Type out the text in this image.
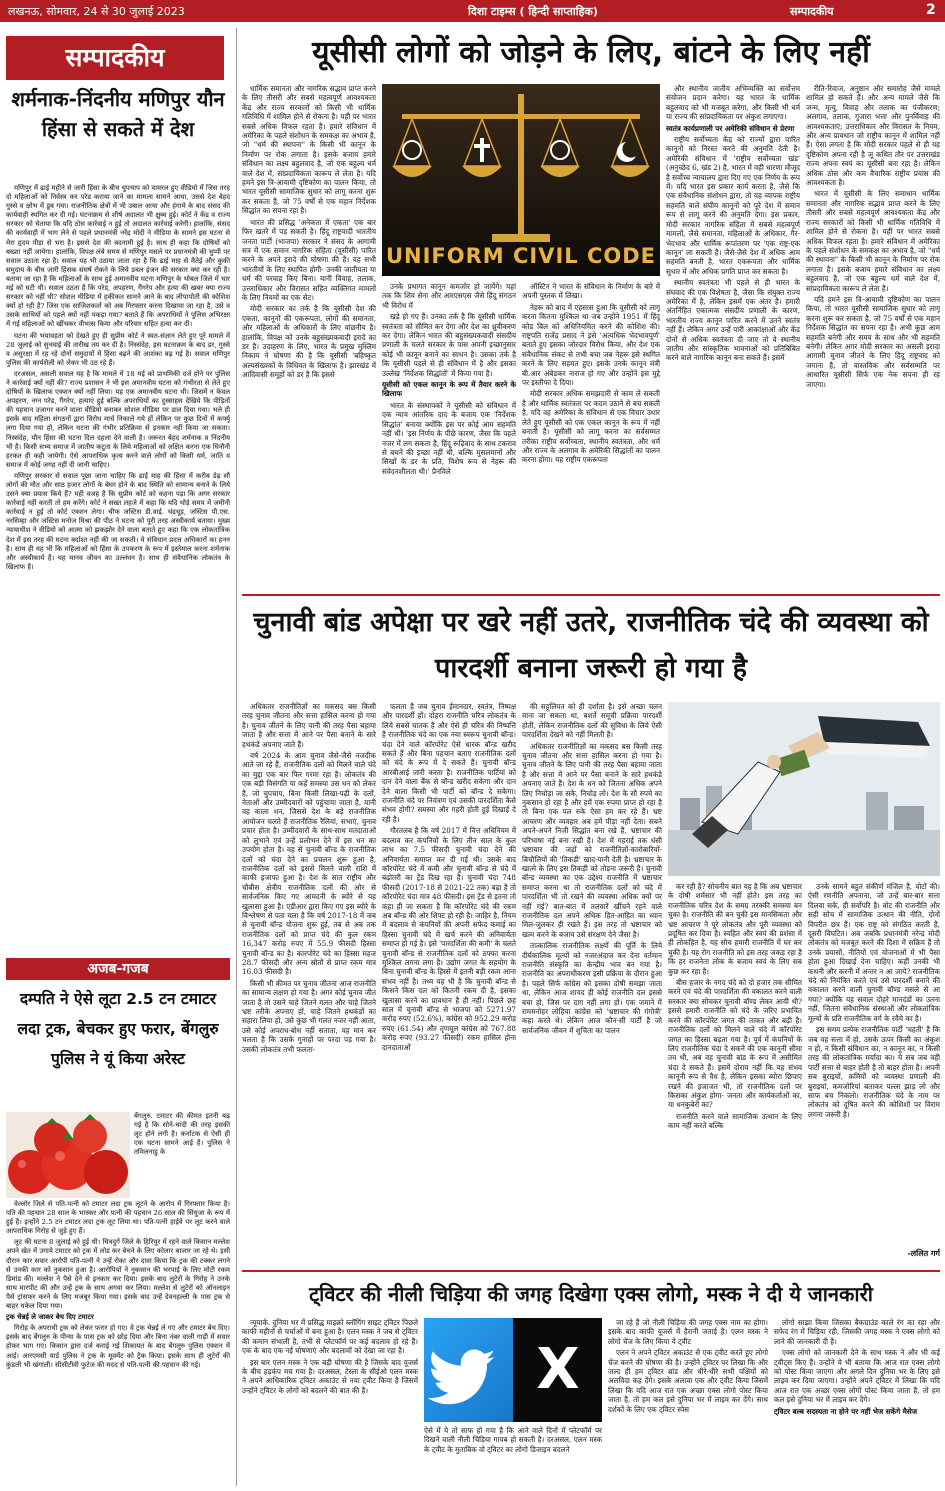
लखनऊ, सोमवार, 24 से 30 जुलाई 2023	दिशा टाइम्स ( हिन्दी साप्ताहिक)	सम्पादकीय	2
सम्पादकीय
शर्मनाक-निंदनीय मणिपुर यौन हिंसा से सकते में देश

मणिपुर में ढाई महीने से जारी हिंसा के बीच चुपचाप को वायरल हुए वीडियो में जिस तरह दो महिलाओं को निर्वस्त्र कर परेड कराया जाने का मामला सामने आया, उससे देश बेहद गुस्से व क्षोभ में डूब गया। राजनीतिक क्षेत्रों में भी उबाल आया और हंगामे के बाद संसद की कार्यवाही स्थगित कर दी गई। घटनाक्रम से शीर्ष अदालत भी क्षुब्ध हुई। कोर्ट ने केंद्र व राज्य सरकार को चेताया कि यदि ठोस कार्रवाई न हुई तो अदालत कार्रवाई करेगी। हालांकि, संसद की कार्यवाही में भाग लेने से पहले प्रधानमंत्री नरेंद्र मोदी ने मीडिया के सामने इस घटना से मेरा हृदय पीड़ा से भरा है। इससे देश की बदनामी हुई है। साथ ही कहा कि दोषियों को बख्शा नहीं जायेगा। हालांकि, विपक्ष लंबे समय से मणिपुर मसले पर प्रधानमंत्री की चुप्पी पर सवाल उठाता रहा है। सवाल यह भी उठाया जाता रहा है कि ढाई माह से मैतेई और कुकी समुदाय के बीच जारी हिंसक संघर्ष रोकने के लिये डबल इंजन की सरकार क्या कर रही है। बताया जा रहा है कि महिलाओं के साथ हुई अमानवीय घटना मणिपुर के थोबल जिले में चार मई को घटी थी। सवाल उठता है कि परेड, अपहरण, गैंगरेप और हत्या की खबर क्या राज्य सरकार को नहीं थी? सोशल मीडिया में हकीकत सामने आने के बाद लीपापोती की कोशिश क्यों हो रही है? जिस एक साजिशकर्ता को अब गिरफ्तार करना दिखाया जा रहा है, उसे व उसके साथियों को पहले क्यों नहीं पकड़ा गया? बताते हैं कि अपराधियों ने पुलिस अभिरक्षा में गई महिलाओं को खींचकर वीभत्स किया और परिवार सहित हत्या कर दी।

घटना की भयावहता को देखते हुए ही सुप्रीम कोर्ट ने स्वत-संज्ञान लेते हुए पूरे मामले में 28 जुलाई को सुनवाई की तारीख तय कर दी है। निस्संदेह, इस घटनाक्रम के बाद डर, गुस्से व असुरक्षा में रह रहे दोनों समुदायों में हिंसा बढ़ने की आशंका बढ़ गई है। सवाल मणिपुर पुलिस की कार्यशैली को लेकर भी उठ रहे हैं।

दरअसल, असली सवाल यह है कि मामले में 18 मई को प्राथमिकी दर्ज होने पर पुलिस ने कार्रवाई क्यों नहीं की? राज्य प्रशासन ने भी इस अमानवीय घटना को गंभीरता से लेते हुए दोषियों के खिलाफ एक्शन क्यों नहीं लिया। यह एक अमानवीय घटना थी। जिसमें न केवल अपहरण, नग्न परेड, गैंगरेप, हत्याएं हुई बल्कि अपराधियों का दुस्साहस देखिये कि पीड़ितों की पहचान उजागर करने वाला वीडियो बनाकर सोशल मीडिया पर डाल दिया गया। भले ही इसके बाद महिला संगठनों द्वारा विरोध मार्च निकाले गये हों लेकिन पर कुछ दिनों में कर्फ्यू लगा दिया गया हो, लेकिन घटना की गंभीर प्रतिक्रिया से इनकार नहीं किया जा सकता। निस्संदेह, यौन हिंसा की घटना दिल दहला देने वाली है। जरूरत बेहद शर्मनाक व निंदनीय भी है। किसी सभ्य समाज में जातीय कटुता के लिये महिलाओं को लक्षित करना एक घिनौनी हरकत ही कही जायेगी। ऐसे आपराधिक कृत्य करने वाले लोगों को किसी धर्म, जाति व समाज में कोई जगह नहीं दी जानी चाहिए।

मणिपुर सरकार से सवाल पूछा जाना चाहिए कि ढाई माह की हिंसा में करीब डेढ़ सौ लोगों की मौत और साठ हजार लोगों के बेघर होने के बाद स्थिति को सामान्य बनाने के लिये उसने क्या प्रयास किये हैं? यही वजह है कि सुप्रीम कोर्ट को कहना पड़ा कि अगर सरकार कार्रवाई नहीं करती तो हम करेंगे। कोर्ट ने सख्त लहजे में कहा कि यदि थोड़े समय में जमीनी कार्रवाई न हुई तो कोर्ट एक्शन लेगा। चीफ जस्टिस डी.वाई. चंद्रचूड़, जस्टिस पी.एस. नरसिम्हा और जस्टिस मनोज मिश्रा की पीठ ने घटना को पूरी तरह अस्वीकार्य बताया। मुख्य न्यायाधीश ने वीडियो को आत्मा को झकझोर देने वाला बताते हुए कहा कि एक लोकतांत्रिक देश में इस तरह की घटना बर्दाश्त नहीं की जा सकती। ये संविधान प्रदत्त अधिकारों का हनन है। साथ ही यह भी कि महिलाओं को हिंसा के उपकरण के रूप में इस्तेमाल करना शर्मनाक और अस्वीकार्य है। यह मानव जीवन का उल्लंघन है। साथ ही संवैधानिक लोकतंत्र के खिलाफ है।

अजब-गजब
दम्पति ने ऐसे लूटा 2.5 टन टमाटर लदा ट्रक, बेचकर हुए फरार, बेंगलुरु पुलिस ने यूं किया अरेस्ट
बेंगलुरु. टमाटर की कीमत इतनी बढ़ गई है कि सोने-चांदी की तरह इसकी लूट होने लगी है। कर्नाटक से ऐसी ही एक घटना सामने आई है। पुलिस ने तमिलनाडु के

वेल्लोर जिले से पति-पत्नी को टमाटर लदा ट्रक लूटने के आरोप में गिरफ्तार किया है। पति की पहचान 28 साल के भास्कर और पत्नी की पहचान 26 साल की सिंधुजा के रूप में हुई है। इन्होंने 2.5 टन टमाटर लदा ट्रक लूट लिया था। पति-पत्नी हाईवे पर लूट करने वाले आपराधिक गिरोह से जुड़े हुए हैं।

लूट की घटना 8 जुलाई को हुई थी। चित्रदुर्ग जिले के हिरियुर में रहने वाले किसान मल्लेश अपने खेत में उगाये टमाटर को ट्रक में लोड कर बेचने के लिए कोलार बाजार जा रहे थे। इसी दौरान कार सवार आरोपी पति-पत्नी ने उन्हें रोका और दावा किया कि ट्रक की टक्कर लगने से उनकी कार को नुकसान हुआ है। आरोपियों ने नुकसान की भरपाई के लिए मोटी रकम डिमांड की। मल्लेश ने पैसे देने से इनकार कर दिया। इसके बाद लुटेरों के गिरोह ने उनके साथ मारपीट की और उन्हें ट्रक के साथ अगवा कर लिया। मल्लेश से लुटेरों को ऑनलाइन पैसे ट्रांसफर करने के लिए मजबूर किया गया। इसके बाद उन्हें देवनहल्ली के पास ट्रक से बाहर धकेल दिया गया।

ट्रक चेन्नई ले जाकर बेच दिए टमाटर

गिरोह के अपराधी ट्रक को लेकर फरार हो गए। वे ट्रक चेन्नई ले गए और टमाटर बेच दिए। इसके बाद बेंगलुरु के पीन्या के पास ट्रक को छोड़ दिया और बिना नंबर वाली गाड़ी में सवार होकर भाग गए। किसान द्वारा दर्ज कराई गई शिकायत के बाद बेंगलुरु पुलिस एक्शन में आई। आरएमसी यार्ड पुलिस ने ट्रक के मूवमेंट को ट्रैक किया। इसके साथ ही लुटेरों की कुंडली भी खंगाली। सीसीटीवी फुटेज की मदद से पति-पत्नी की पहचान की गई।

यूसीसी लोगों को जोड़ने के लिए, बांटने के लिए नहीं

धार्मिक समानता और नागरिक सद्भाव प्राप्त करने के लिए तीसरी और सबसे महत्वपूर्ण आवश्यकता केंद्र और राज्य सरकारों को किसी भी धार्मिक गतिविधि में शामिल होने से रोकना है। यही पर भारत सबसे अधिक विफल रहता है। हमारे संविधान में अमेरिका के पहले संशोधन के समकक्ष का अभाव है, जो "धर्म की स्थापना" के किसी भी कानून के निर्माण पर रोक लगाता है। इसके बजाय हमारे संविधान का लक्ष्य बहुलवाद है, जो एक बहुल्य धर्म वाले देश में, सांप्रदायिकता कारूप ले लेता है। यदि हमने इस त्रि-आयामी दृष्टिकोण का पालन किया, तो भारत यूसीसी सामाजिक सुधार को लागू करना शुरू कर सकता है, जो 75 वर्षों से एक महान निर्देशक सिद्धांत का सपना रहा है।

भारत की प्रसिद्ध 'अनेकता में एकता' एक बार फिर खतरे में पड़ सकती है। हिंदू राष्ट्रवादी भारतीय जनता पार्टी (भाजपा) सरकार ने संसद के आगामी सत्र में एक समान नागरिक संहिता (यूसीसी) पारित करने के अपने इरादे की घोषणा की है। यह सभी भारतीयों के लिए स्थापित होगी- उनकी जातीयता या धर्म की परवाह किए बिना। यानी विवाह, तलाक, उत्तराधिकार और विरासत सहित व्यक्तिगत मामलों के लिए नियमों का एक सेट।

मोदी सरकार का तर्क है कि यूसीसी देश की एकता, कानूनों की एकरूपता, लोगों की समानता, और महिलाओं के अधिकारों के लिए वांछनीय है। हालांकि, विपक्ष को उनके बहुसंख्यकवादी इरादे का डर है। उदाहरण के लिए, भारत के प्रमुख मुस्लिम निकाय ने घोषणा की है कि यूसीसी 'बहिष्कृत अल्पसंख्यकों के विधिवत के खिलाफ है। झारखंड में आदिवासी समूहों को डर है कि इससे

UNIFORM CIVIL CODE

उनके प्रथागत कानून कमजोर हो जायेंगे। यहां तक कि शिव सेना और आरएसएस जैसे हिंदू संगठन भी विरोध में

खड़े हो गए हैं। उनका तर्क है कि यूसीसी धार्मिक स्वतंत्रता को सीमित कर देगा और देश का ध्रुवीकरण कर देगा। लेकिन भारत की बहुसंख्यकवादी संसदीय प्रणाली के चलते सरकार के पास अपनी इच्छानुसार कोई भी कानून बनाने का साधन है। उसका तर्क है कि यूसीसी पहले से ही संविधान में है और इसका उल्लेख 'निर्देशक सिद्धांतों' में किया गया है।

यूसीसी को एकल कानून के रूप में तैयार करने के खिलाफ

भारत के संस्थापकों ने यूसीसी को संविधान में एक न्याय आंतरिक दाद के बजाय एक 'निर्देशक सिद्धांत' बनाया क्योंकि इस पर कोई आम सहमति नहीं थी। 'इस निर्णय के पीछे कारण, जैसा कि पहले नजर में लग सकता है, हिंदू रूढ़िवाद के साथ टकराव से बचने की इच्छा नहीं थी, बल्कि मुसलमानों और सिखों के डर के प्रति, विशेष रूप से नेहरू की संवेदनशीलता थी।' प्रैनविले

ऑस्टिन ने भारत के संविधान के निर्माण के बारे में अपनी पुस्तक में लिखा।

नेहरू को बाद में एहसास हुआ कि यूसीसी को लागू करना कितना मुश्किल था जब उन्होंने 1951 में हिंदू कोड बिल को अधिनियमित करने की कोशिश की। राष्ट्रपति राजेंद्र प्रसाद ने इसे 'अत्यधिक भेदभावपूर्ण' बताते हुए इसका जोरदार विरोध किया, और देश एक संवैधानिक संकट से तभी बचा जब नेहरू इसे स्थगित करने के लिए सहमत हुए। इसके उनके कानून मंत्री बी.आर अंबेडकर नाराज हो गए और उन्होंने इस मुद्दे पर इस्तीफा दे दिया।

मोदी सरकार अधिक समझदारी से काम ले सकती है और धार्मिक स्वतंत्रता पर कदम उठाने से बच सकती है, यदि वह अमेरिका के संविधान से एक विचार उधार लेते हुए यूसीसी को एक एकल कानून के रूप में नहीं बनाती है। यूसीसी को लागू करना का सर्वसम्मत तरीका राष्ट्रीय सर्वोच्चता, स्थानीय स्वतंत्रता, और धर्म और राज्य के अलगाव के अमेरिकी सिद्धांतों का पालन करना होगा। यह राष्ट्रीय एकरूपता

और स्थानीय जातीय अभिव्यक्ति का सर्वोत्तम संयोजन प्रदान करेगा। यह भारत के धार्मिक बहुलवाद को भी मजबूत करेगा, और किसी भी धर्म या राज्य की सांप्रदायिकता पर अंकुश लगाएगा।

स्वतंत्र कार्यप्रणाली पर अमेरिकी संविधान से प्रेरणा

राष्ट्रीय सर्वोच्चता केंद्र को राज्यों द्वारा पारित कानूनों को निरस्त करने की अनुमति देती है। अमेरिकी संविधान में 'राष्ट्रीय सर्वोच्चता खंड' (अनुच्छेद 6, खंड 2) है, भारत में वही धारणा मौजूद है सर्वोच्च न्यायालय द्वारा दिए गए एक निर्णय के रूप में। यदि भारत इस प्रकार कार्य करता है, जैसे कि एक संवैधानिक संशोधन द्वारा, तो यह व्यापक राष्ट्रीय सहमति वाले संघीय कानूनों को पूरे देश में समान रूप से लागू करने की अनुमति देगा। इस प्रकार, मोदी सरकार नागरिक संहिता में सबसे महत्वपूर्ण मामलों, जैसे समानता, महिलाओं के अधिकार, गैर-भेदभाव और धार्मिक रूपांतरण पर 'एक राष्ट्र-एक कानून' ला सकती है। जैसे-जैसे देश में अधिक आम सहमति बनती है, भारत एकरूपता और धार्मिक सुधार में और अधिक प्रगति प्राप्त कर सकता है।

स्थानीय स्वतंत्रता भी पहले से ही भारत के संघवाद की एक विशेषता है, जैसा कि संयुक्त राज्य अमेरिका में है, लेकिन इसमें एक अंतर है। हमारी अंतर्निहित एकात्मक संसदीय प्रणाली के कारण, भारतीय राज्य कानून पारित करने में उतने स्वतंत्र नहीं हैं। लेकिन अगर उन्हें पारी आकांक्षाओं और केंद्र दोनों से अधिक स्वतंत्रता दी जाए तो वे स्थानीय जातीय और सांस्कृतिक भावनाओं को प्रतिबिंबित करने वाले नागरिक कानून बना सकते हैं। इसमें

रीति-रिवाज, अनुष्ठान और समारोह जैसे मामले शामिल हो सकते हैं। और अन्य मामले जैसे कि जन्म, मृत्यु, विवाह और तलाक का पंजीकरण; अलगाव, तलाक, गुजारा भत्ता और पुनर्विवाह की आवश्यकताएं; उत्तराधिकार और विरासत के नियम, और अन्य प्रावधान जो राष्ट्रीय कानून में शामिल नहीं हैं। ऐसा लगता है कि मोदी सरकार पहले से ही यह दृष्टिकोण अपना रही है जू कथित तौर पर उत्तराखंड राज्य अपना स्वयं का यूसीसी बना रहा है। लेकिन अधिक ठोस और कम वैचारिक राष्ट्रीय प्रयास की आवश्यकता है।

भारत में यूसीसी के लिए समाधान धार्मिक समानता और नागरिक सद्भाव प्राप्त करने के लिए तीसरी और सबसे महत्वपूर्ण आवश्यकता केंद्र और राज्य सरकारों को किसी भी धार्मिक गतिविधि में शामिल होने से रोकना है। यहीं पर भारत सबसे अधिक विफल रहता है। हमारे संविधान में अमेरिका के पहले संशोधन के समकक्ष का अभाव है, जो "धर्म की स्थापना" के किसी भी कानून के निर्माण पर रोक लगाता है। इसके बजाय हमारे संविधान का लक्ष्य बहुलवाद है, जो एक बहुल्य धर्म वाले देश में, सांप्रदायिकता कारूप ले लेता है।

यदि हमने इस त्रि-आयामी दृष्टिकोण का पालन किया, तो भारत यूसीसी सामाजिक सुधार को लागू करना शुरू कर सकता है, जो 75 वर्षों से एक महान निर्देशक सिद्धांत का सपना रहा है। अभी कुछ आम सहमति बनेगी और समय के साथ और भी सहमति बनेगी। लेकिन अगर मोदी सरकार का असली इरादा आगामी चुनाव जीतने के लिए हिंदू राष्ट्रवाद को जगाना है, तो वास्तविक और सर्वसम्मति पर आधारित यूसीसी सिर्फ एक नेक सपना ही रह जाएगा।

चुनावी बांड अपेक्षा पर खरे नहीं उतरे, राजनीतिक चंदे की व्यवस्था को पारदर्शी बनाना जरूरी हो गया है

अधिकतर राजनीतिज्ञों का मकसद बस किसी तरह चुनाव जीतना और सत्ता हासिल करना हो गया है। चुनाव जीतने के लिए पानी की तरह पैसा बहाया जाता है और सत्ता में आने पर पैसा बनाने के सारे हथकंडे अपनाए जाते हैं।

वर्ष 2024 के आम चुनाव जैसे-जैसे नजदीक आते जा रहे हैं, राजनीतिक दलों को मिलने वाले चंदे का मुद्दा एक बार फिर गरमा रहा है। लोकतंत्र की एक बड़ी विसंगति या कहें समस्या उस धन को लेकर है, जो चुपचाप, बिना किसी लिखा-पढ़ी के दलों, नेताओं और उम्मीदवारों को पहुंचाया जाता है, यानी वह काला धन, जिससे देश के बड़े राजनीतिक आयोजन चलते हैं राजनीतिक रैलियां, सभाएं, चुनाव प्रचार होता है। उम्मीदवारों के साथ-साथ मतदाताओं को लुभाने एवं उन्हें प्रलोभन देने में इस धन का उपयोग होता है। वह से चुनावी बॉन्ड के राजनीतिक दलों को चंदा देने का प्रचलन शुरू हुआ है, राजनीतिक दलों को इससे मिलने वाली राशि में काफी इजाफा हुआ है। देश के सात राष्ट्रीय और चौबीस क्षेत्रीय राजनीतिक दलों की ओर से सार्वजनिक किए गए आमदनी के ब्योरे से यह खुलासा हुआ है। एडीआर द्वारा किए गए इस ब्योरे के विश्लेषण से पता चला है कि वर्ष 2017-18 में जब से चुनावी बॉन्ड योजना शुरू हुई, तब से अब तक राजनीतिक दलों को प्राप्त चंदे की कुल रकम 16,347 करोड़ रुपए में 55.9 फीसदी हिस्सा चुनावी बॉन्ड का है। कारपोरेट चंदे का हिस्सा महज 28.7 फीसदी और अन्य स्रोतों से प्राप्त रकम मात्र 16.03 फीसदी है।

किसी भी कीमत पर चुनाव जीतना आज राजनीति का सामान्य लक्षण हो गया है। अगर कोई चुनाव जीत जाता है तो उसने चाहे जितने गलत और चाहे जितने भ्रष्ट तरीके अपनाए हों, चाहे जितने हथकंडों का सहारा लिया हो, उसे कुछ भी गलत नजर नहीं आता, उसे कोई अपराध-बोध नहीं सताता, वह मान कर चलता है कि उसके गुनाहों पर परदा पड़ गया है। उसकी लोकतंत्र तभी फलता-

फलता है जब चुनाव ईमानदार, स्वतंत्र, निष्पक्ष और पारदर्शी हों। दोहरा राजनीति चरित्र लोकतंत्र के लिये सबसे घातक है और ऐसे ही चरित्र की निष्पत्ति है राजनीतिक चंदे का एक नया स्वरूप चुनावी बॉन्ड। चंदा देने वाले कॉरपोरेट ऐसे धारक बॉन्ड खरीद सकते हैं और बिना पहचान बताए राजनीतिक दलों को चंदे के रूप में दे सकते हैं। चुनावी बॉन्ड आरबीआई जारी करता है। राजनीतिक पार्टियां को दान देने वाला बैंक से बॉन्ड खरीद सकेगा और दान देने वाला किसी भी पार्टी को बॉन्ड दे सकेगा। राजनीति चंदे पर नियंत्रण एवं उसकी पारदर्शिता कैसे संभव होगी? समस्या और गहरी होती हुई दिखाई दे रही है।

गौरतलब है कि वर्ष 2017 में वित्त अधिनियम में बदलाव कर कंपनियों के लिए तीन साल के कुल लाभ का 7.5 फीसदी चुनावी चंदा देने की अनिवार्यता समाप्त कर दी गई थी। उसके बाद कॉरपोरेट चंदे में कमी और चुनावी बॉन्ड से चंदे में बढ़ोतरी का ट्रेंड दिख रहा है। चुनावी चंदा 748 फीसदी (2017-18 से 2021-22 तक) बढ़ा है तो कॉरपोरेट चंदा मात्र 48 फीसदी। इस ट्रेंड से इतना तो कहा ही जा सकता है कि कॉरपोरेट चंदे की रकम अब बॉन्ड की ओर शिफ्ट हो रही है। जाहिर है, नियम में बदलाव से कंपनियों की अपनी सफेद कमाई का हिस्सा चुनावी चंदे में खर्च करने की अनिवार्यता समाप्त हो गई है। इसे 'पारदर्शिता की कमी' के चलते चुनावी बॉन्ड से राजनीतिक दलों को ठफ्फा करना मुश्किल लगना लगा है। उद्योग जगत के सहयोग के बिना चुनावी बॉन्ड के हिस्से में इतनी बड़ी रकम आना संभव नहीं है। तथ्य यह भी है कि चुनावी बॉन्ड से किसने किस दल को कितनी रकम दी है, इसका खुलासा करने का प्रावधान है ही नहीं। पिछले छह साल में चुनावी बॉन्ड से भाजपा को 5271.97 करोड़ रुपए (52.6%), कांग्रेस को 952.29 करोड़ रुपए (61.54) और तृणमूल कांग्रेस को 767.88 करोड़ रुपए (93.27 फीसदी) रकम हासिल होना दानदाताओं

की सहूलियत को ही दर्शाता है। इसे अच्छा चलन माना जा सकता था, बशर्ते समूची प्रक्रिया पारदर्शी होती, लेकिन राजनीतिक दलों की सुविधा के लिये ऐसी पारदर्शिता देखने को नहीं मिलती है।

अधिकतर राजनीतिज्ञों का मकसद बस किसी तरह चुनाव जीतना और सत्ता हासिल करना हो गया है। चुनाव जीतने के लिए पानी की तरह पैसा बहाया जाता है और सत्ता में आने पर पैसा बनाने के सारे हथकंडे अपनाए जाते हैं। देश के धन को जितना अधिक अपने लिए निचोड़ा जा सके, निचोड़ लो। देश के सौ रुपये का नुकसान हो रहा है और हमें एक रुपया प्राप्त हो रहा है तो बिना एक पल रुके ऐसा हम कर रहे हैं। भ्रष्ट आचरण और व्यवहार अब हमें पीड़ा नहीं देता। सबने अपने-अपने निजी सिद्धांत बना रखे हैं, भ्रष्टाचार की परिभाषा नई बना रखी है। देश में गहराई तक धंसी भ्रष्टाचार की जड़ों को राजनीतिज्ञों-कारोबारियों-बिचौलियों की 'तिकड़ी' खाद-पानी देती है। भ्रष्टाचार के खात्मे के लिए इस तिकड़ी को तोड़ना जरूरी है। चुनावी बॉन्ड व्यवस्था का एक उद्देश्य राजनीति में भ्रष्टाचार समाप्त करना था तो राजनीतिक दलों को चंदे में पारदर्शिता भी तो रखने की व्यवस्था अधिक क्यों पर नहीं गई? बात-बात में तलवारें खींचने रहने वाले राजनीतिक दल अपने अधिक हित-आहित का ध्यान मिल-जुलकर ही रखते हैं। इस तरह तो भ्रष्टाचार को खत्म करने के बजाय उसे संरक्षण देने जैसा है।

तात्कालिक राजनीतिक लक्ष्यों की पूर्ति के लिये दीर्घकालिक मूल्यों को नजरअंदाज कर देना वर्तमान राजनीति संस्कृति का केन्द्रीय भाव बन गया है। राजनीति का अपराधीकरण इसी प्रक्रिया के दौरान हुआ है। पहले सिर्फ कांग्रेस को इसका दोषी समझा जाता था, लेकिन आज शायद ही कोई राजनीति दल इससे बचा हो, जिस पर दाग नहीं लगा हो। एक जमाने में राममनोहर लोहिया कांग्रेस को 'भ्रष्टाचार की गंगोत्री' कहा करते थे। लेकिन आज कौन-सी पार्टी है जो सार्वजनिक जीवन में शुचिता का पालन

कर रही है? सोचनीय बात यह है कि अब भ्रष्टाचार के दोषी शर्मसार भी नहीं होते। इस तरह का राजनीतिक चरित्र देश के समग्र तरक्की समस्या बन चुका है। राजनीति की बन चुकी इस मानसिकता और भ्रष्ट आचरण ने पूरे लोकतंत्र और पूरी व्यवस्था को प्रदूषित कर दिया है। स्वहित और स्वयं की प्रशंसा में ही लोकहित है, यह सोच हमारी राजनीति में घर कर चुकी है। यह रोग राजनीति को इस तरह जकड़ रहा है कि हर राजनेता लोक के बजाय स्वयं के लिए सब कुछ कर रहा है।

बीस हजार के नगद चंदे को दो हजार तक सीमित करने एवं चंदे की पारदर्शिता की वकालत करने वाली सरकार क्या सोचकर चुनावी बॉण्ड लेकर आयी थी? इससे हमारी राजनीति को चंदे के जरिए प्रभावित करने की कॉरपोरेट जगत की ताकत और बढ़ी है। राजनीतिक दलों को मिलने वाले चंदे में कॉरपोरेट जगत का हिस्सा बढ़ता गया है। पूर्व में कंपनियों के लिए राजनीतिक चंदा दे सकने की एक कानूनी सीमा तय थी, अब वह चुनावी बांड के रूप में असीमित चंदा दे सकते हैं। इसमें दोराय नहीं कि यह संभव कानूनी रूप से वैध है, लेकिन इसका ब्योरा छिपाए रखने की इजाजत भी, तो राजनीतिक दलों पर किसका अंकुश होगा- जनता और कार्यकर्ताओं का, या धनकुबेरों का?

राजनीति करने वाले सामाजिक उत्थान के लिए काम नहीं करते बल्कि

उनके सामने बहुत संकीर्ण मंजिल है, वोटों की। ऐसी रणनीति अपनाना, जो उन्हें बार-बार सत्ता दिलवा सके, ही सर्वोपरि है। वोट की राजनीति और सही सोच में सामाजिक उत्थान की नीति, दोनों विपरीत छत्र हैं। एक राष्ट्र को संगठित करती है, दूसरी विघटित। अब जबकि प्रधानमंत्री नरेन्द्र मोदी लोकतंत्र को मजबूत करने की दिशा में सक्रिय हैं तो उनके प्रयासों, नीतियों एवं योजनाओं में भी पैसा होता हुआ दिखाई देना चाहिए। कहीं उनकी भी कथनी और करनी में अन्तर न आ जाये? राजनीतिक चंदे को नियंत्रित करते एवं उसे पारदर्शी बनाने की वकालत करने वाली चुनावी बॉण्ड मसले से आ गया? क्योंकि यह सवाल दोहरे मानदंडों का उतना नहीं, जितना संवैधानिक संस्थाओं और लोकतांत्रिक मूल्यों के प्रति राजनीतिक वर्ग के रवैये का है।

इस समय प्रत्येक राजनीतिक पार्टी 'चहती' है कि जब वह सत्ता में हो, उसके ऊपर किसी का अंकुश न हो, न किसी संविधान का, न कानून का, न किसी तरह की लोकतांत्रिक मर्यादा का। ये सब जब वही पार्टी सत्ता से बाहर होती है तो बाहर होता है। अपनी सब बुराइयों, कमियों को व्यवस्था प्रणाली की बुराइयां, कमजोरियां बताकर पल्ला झाड़ लो और साफ बच निकलो। राजनीतिक चंदे के नाम पर लोकतंत्र को दूषित करने की कोशिशों पर विराम लगना जरूरी है।

-ललित गर्ग
ट्विटर की नीली चिड़िया की जगह दिखेगा एक्स लोगो, मस्क ने दी ये जानकारी

न्यूयार्क. दुनिया भर में प्रसिद्ध माइक्रो ब्लॉगिंग साइट ट्विटर पिछले काफी महीनों से चर्चाओं में बना हुआ है। एलन मस्क ने जब से ट्विटर की कमान संभाली है, तभी से प्लेटफॉर्म पर कई बदलाव हो रहे हैं। एक के बाद एक नई घोषणाएं और बदलावों को देखा जा रहा है।

इस बार एलन मस्क ने एक बड़ी घोषणा की है जिसके बाद यूजर्स के बीच हड़कंप मच गया है। दरअसल, टेस्ला के सीईओ एलन मस्क ने अपने आधिकारिक ट्विटर अकाउंट से नया ट्वीट किया है जिसमें उन्होंने ट्विटर के लोगो को बदलने की बात की है।	X
ऐसे में ये तो साफ हो गया है कि आने वाले दिनों में प्लेटफॉर्म पर दिखने वाली नीली चिड़िया गायब हो सकती है। दरअसल, एलन मस्क के ट्वीट के मुताबिक वो ट्विटर का लोगो डिजाइन बदलने

जा रहे हैं जो नीली चिड़िया की जगह एक्स नाम का होगा। इसके बाद काफी यूजर्स में हैरानी जताई है। एलन मस्क ने लोगो चेंज के लिए किया ये ट्वीट

एलन ने अपने ट्विटर अकाउंट से एक ट्वीट करते हुए लोगो चेंज करने की घोषणा की है। उन्होंने ट्विटर पर लिखा कि और जल्द ही हम ट्विटर ब्रांड और धीरे-धीरे सभी पक्षियों को अलविदा कह देंगे। इसके अलावा एक और ट्वीट किया जिसमें लिखा कि यदि आज रात एक अच्छा एक्स लोगो पोस्ट किया जाता है, तो हम कल इसे दुनिया भर में लाइव कर देंगे। साथ दर्शकों के लिए एक ट्विटर स्पेस

लोगो साझा किया जिसका बैकग्राउंड काले रंग का रहा और सफेद रंग में चिड़िया रही, जिसकी जगह मस्क ने एक्स लोगो को लाने की जानकारी दी है।

एक्स लोगो को जानकारी देने के साथ मस्क ने और भी कई ट्वीट्स किए हैं। उन्होंने ये भी बताया कि आज रात एक्स लोगो को पोस्ट किया जाएगा और अगले दिन दुनिया भर के लिए इसे लाइव कर दिया जाएगा। उन्होंने अपने ट्विटर में लिखा कि यदि आज रात एक अच्छा एक्स लोगो पोस्ट किया जाता है, तो हम कल इसे दुनिया भर में लाइव कर देंगे।

ट्विटर बल्ब सदस्यता ना होने पर नहीं भेज सकेंगे मैसेज
